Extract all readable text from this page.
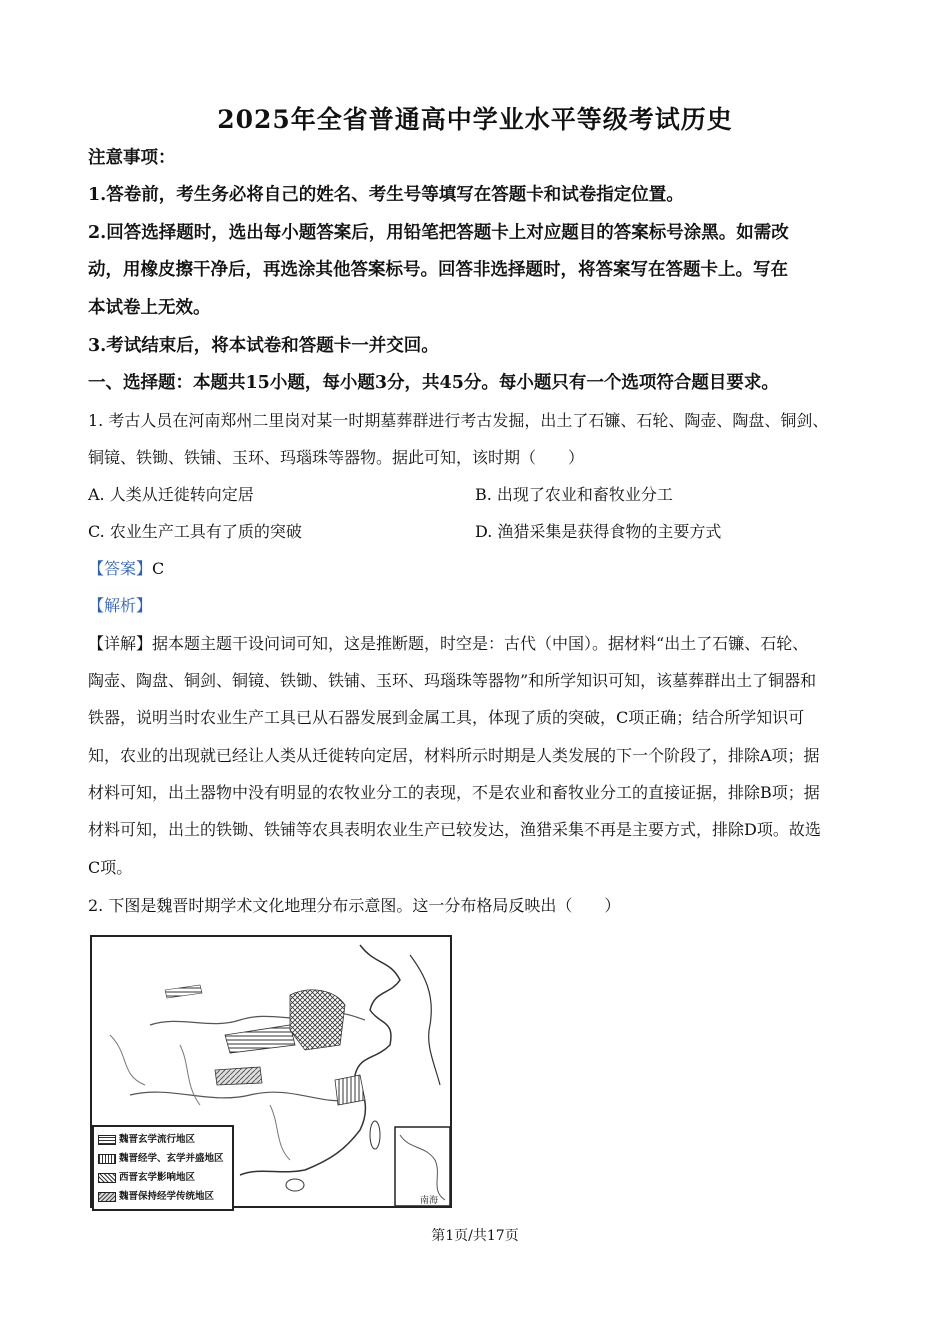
2025年全省普通高中学业水平等级考试历史
注意事项：
1.答卷前，考生务必将自己的姓名、考生号等填写在答题卡和试卷指定位置。
2.回答选择题时，选出每小题答案后，用铅笔把答题卡上对应题目的答案标号涂黑。如需改
动，用橡皮擦干净后，再选涂其他答案标号。回答非选择题时，将答案写在答题卡上。写在
本试卷上无效。
3.考试结束后，将本试卷和答题卡一并交回。
一、选择题：本题共15小题，每小题3分，共45分。每小题只有一个选项符合题目要求。
1. 考古人员在河南郑州二里岗对某一时期墓葬群进行考古发掘，出土了石镰、石轮、陶壶、陶盘、铜剑、
铜镜、铁锄、铁铺、玉环、玛瑙珠等器物。据此可知，该时期（　　）
A. 人类从迁徙转向定居	B. 出现了农业和畜牧业分工
C. 农业生产工具有了质的突破	D. 渔猎采集是获得食物的主要方式
【答案】C
【解析】
【详解】据本题主题干设问词可知，这是推断题，时空是：古代（中国）。据材料“出土了石镰、石轮、
陶壶、陶盘、铜剑、铜镜、铁锄、铁铺、玉环、玛瑙珠等器物”和所学知识可知，该墓葬群出土了铜器和
铁器，说明当时农业生产工具已从石器发展到金属工具，体现了质的突破，C项正确；结合所学知识可
知，农业的出现就已经让人类从迁徙转向定居，材料所示时期是人类发展的下一个阶段了，排除A项；据
材料可知，出土器物中没有明显的农牧业分工的表现，不是农业和畜牧业分工的直接证据，排除B项；据
材料可知，出土的铁锄、铁铺等农具表明农业生产已较发达，渔猎采集不再是主要方式，排除D项。故选
C项。
2. 下图是魏晋时期学术文化地理分布示意图。这一分布格局反映出（　　）
南海
魏晋玄学流行地区
魏晋经学、玄学并盛地区
西晋玄学影响地区
魏晋保持经学传统地区
第1页/共17页
